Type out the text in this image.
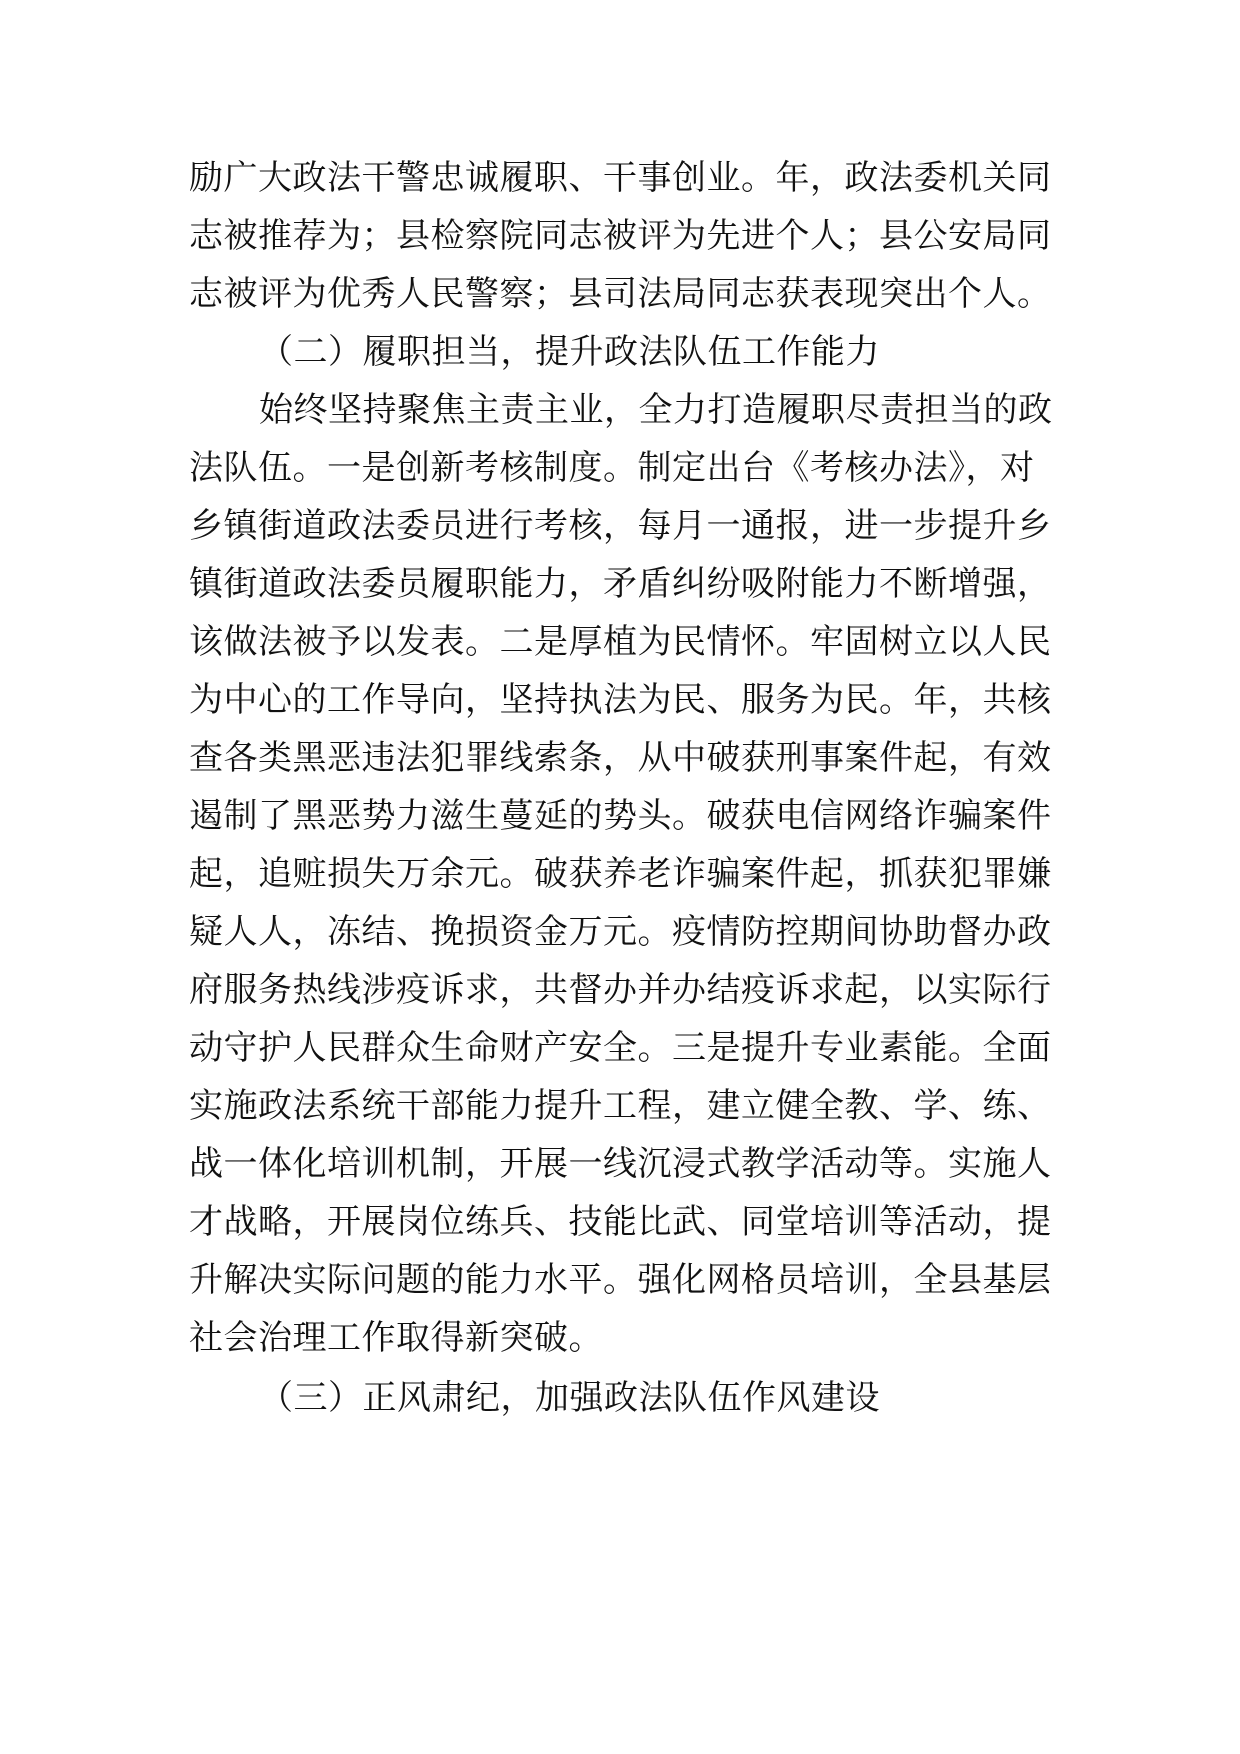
励广大政法干警忠诚履职、干事创业。年，政法委机关同
志被推荐为；县检察院同志被评为先进个人；县公安局同
志被评为优秀人民警察；县司法局同志获表现突出个人。
（二）履职担当，提升政法队伍工作能力
始终坚持聚焦主责主业，全力打造履职尽责担当的政
法队伍。一是创新考核制度。制定出台《考核办法》，对
乡镇街道政法委员进行考核，每月一通报，进一步提升乡
镇街道政法委员履职能力，矛盾纠纷吸附能力不断增强，
该做法被予以发表。二是厚植为民情怀。牢固树立以人民
为中心的工作导向，坚持执法为民、服务为民。年，共核
查各类黑恶违法犯罪线索条，从中破获刑事案件起，有效
遏制了黑恶势力滋生蔓延的势头。破获电信网络诈骗案件
起，追赃损失万余元。破获养老诈骗案件起，抓获犯罪嫌
疑人人，冻结、挽损资金万元。疫情防控期间协助督办政
府服务热线涉疫诉求，共督办并办结疫诉求起，以实际行
动守护人民群众生命财产安全。三是提升专业素能。全面
实施政法系统干部能力提升工程，建立健全教、学、练、
战一体化培训机制，开展一线沉浸式教学活动等。实施人
才战略，开展岗位练兵、技能比武、同堂培训等活动，提
升解决实际问题的能力水平。强化网格员培训，全县基层
社会治理工作取得新突破。
（三）正风肃纪，加强政法队伍作风建设
